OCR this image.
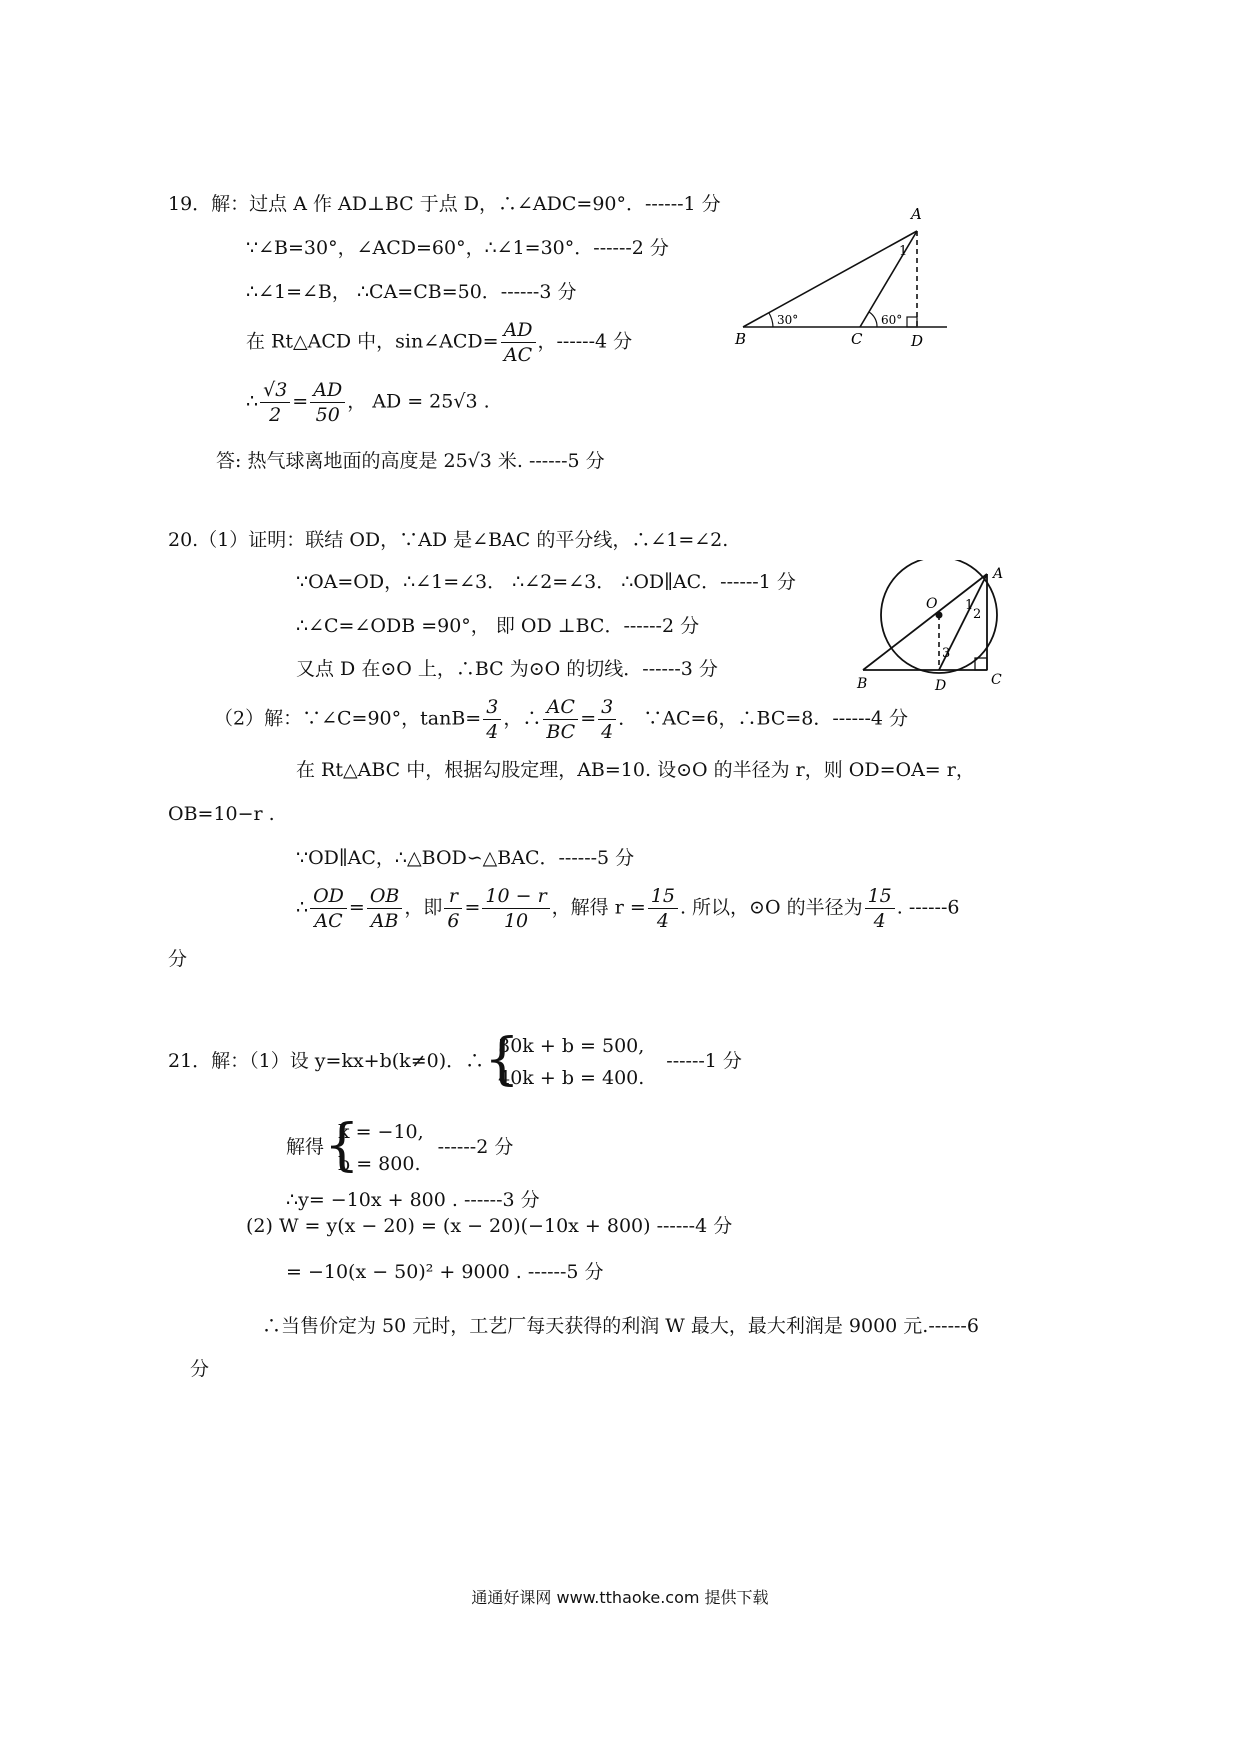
19．解：过点 A 作 AD⊥BC 于点 D，∴∠ADC=90°．------1 分
∵∠B=30°，∠ACD=60°，∴∠1=30°．------2 分
∴∠1=∠B， ∴CA=CB=50．------3 分
在 Rt△ACD 中，sin∠ACD= $\frac{AD}{AC}$ ，------4 分
∴ $\frac{√3}{2} = \frac{AD}{50}$ ， AD = 25√3 .
答: 热气球离地面的高度是 25√3 米. ------5 分
A
B	C	D
1
30°	60°
20.（1）证明：联结 OD，∵AD 是∠BAC 的平分线，∴∠1=∠2.
∵OA=OD，∴∠1=∠3． ∴∠2=∠3． ∴OD∥AC．------1 分
∴∠C=∠ODB =90°， 即 OD ⊥BC．------2 分
又点 D 在⊙O 上，∴BC 为⊙O 的切线．------3 分
（2）解：∵∠C=90°，$\tan B= \frac{3}{4}$ ，∴ $\frac{AC}{BC} = \frac{3}{4}$ ． ∵AC=6，∴BC=8．------4 分
在 Rt△ABC 中，根据勾股定理，AB=10. 设⊙O 的半径为 r，则 OD=OA= r，
OB=10−r .
∵OD∥AC，∴△BOD∽△BAC．------5 分
∴ $\frac{OD}{AC} = \frac{OB}{AB}$ ，即 $\frac{r}{6} = \frac{10 - r}{10}$ ，解得 $r = \frac{15}{4}$ . 所以，⊙O 的半径为 $\frac{15}{4}$ . ------6
分
A
B	C
D
O 1
2
3
21．解：（1）设 y=kx+b(k≠0)．∴ {
30k + b = 500,
40k + b = 400.
------1 分
解得 {
k = −10,
b = 800.
------2 分
∴y= −10x + 800 . ------3 分
(2) W = y(x − 20) = (x − 20)(−10x + 800) ------4 分
= −10(x − 50)² + 9000 . ------5 分
∴当售价定为 50 元时，工艺厂每天获得的利润 W 最大，最大利润是 9000 元.------6
分
通通好课网 www.tthaoke.com 提供下载
